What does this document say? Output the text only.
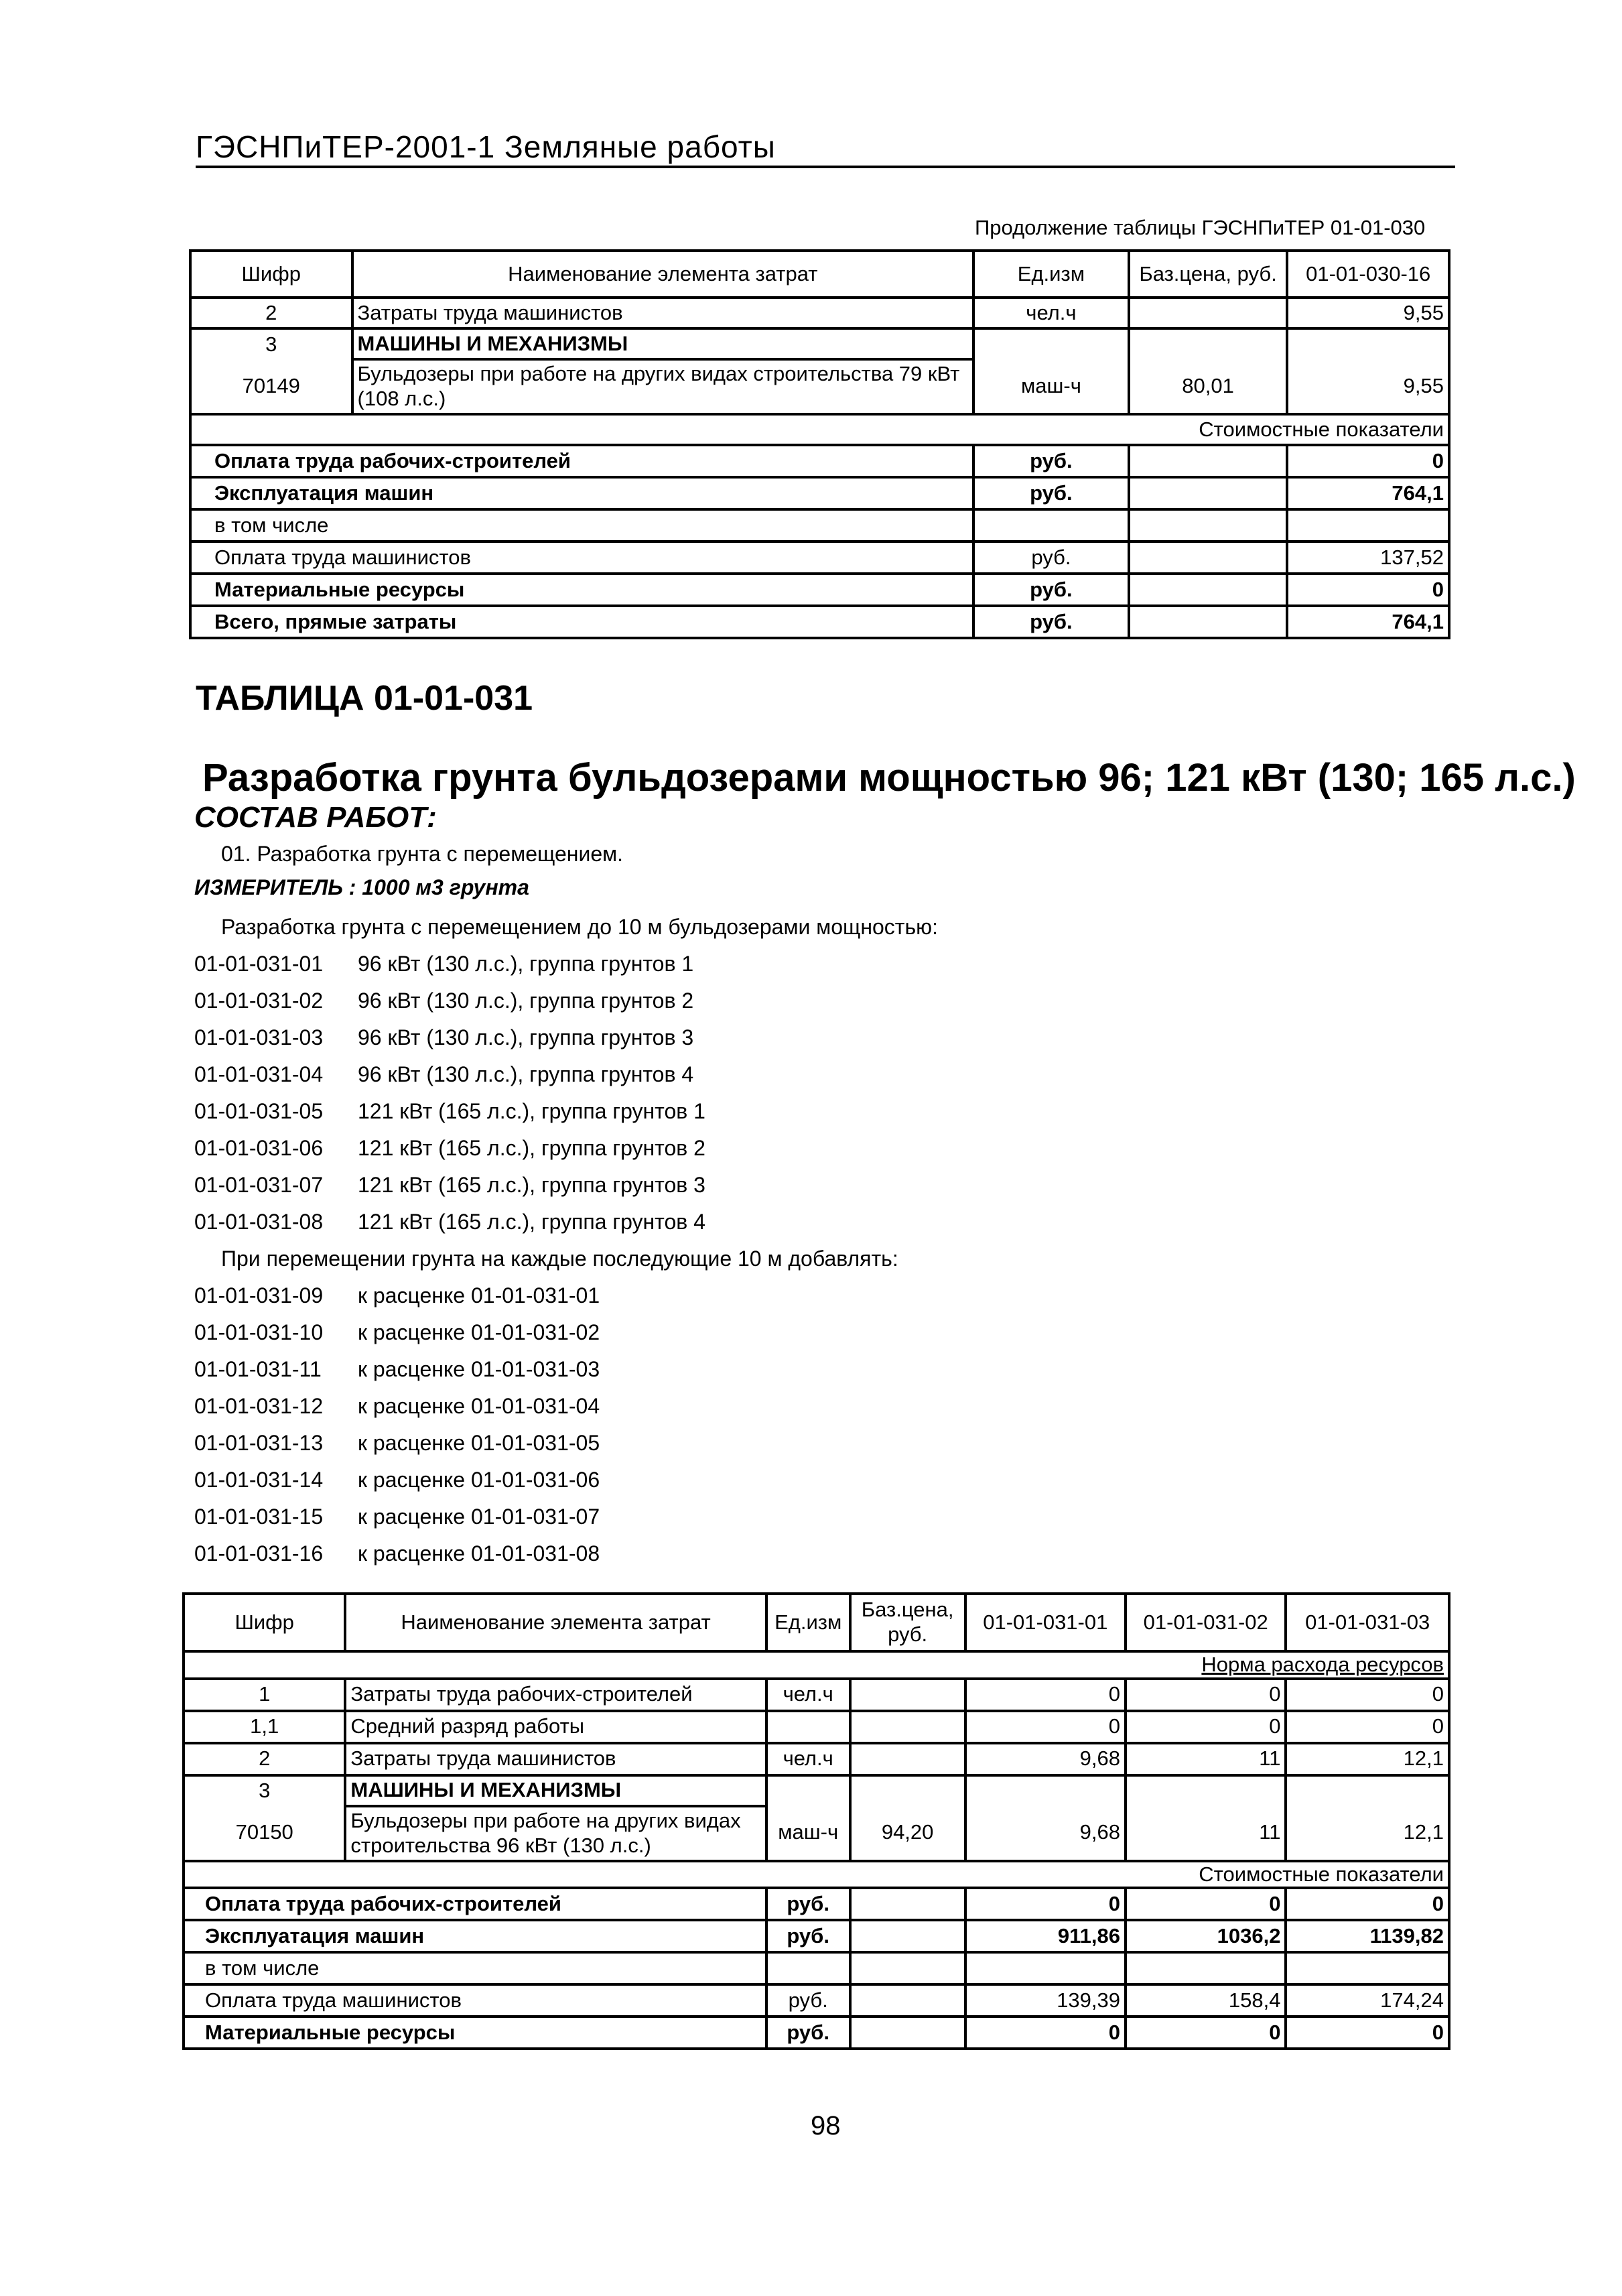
ГЭСНПиТЕР-2001-1 Земляные работы
Продолжение таблицы ГЭСНПиТЕР 01-01-030
Шифр	Наименование элемента затрат	Ед.изм	Баз.цена, руб.	01-01-030-16
2	Затраты труда машинистов	чел.ч		9,55
3	МАШИНЫ И МЕХАНИЗМЫ			
70149	Бульдозеры при работе на других видах строительства 79 кВт (108 л.с.)	маш-ч	80,01	9,55
Стоимостные показатели				
Оплата труда рабочих-строителей		руб.		0
Эксплуатация машин		руб.		764,1
в том числе				
Оплата труда машинистов		руб.		137,52
Материальные ресурсы		руб.		0
Всего, прямые затраты		руб.		764,1
ТАБЛИЦА 01-01-031
Разработка грунта бульдозерами мощностью 96; 121 кВт (130; 165 л.с.)
СОСТАВ РАБОТ:
01. Разработка грунта с перемещением.
ИЗМЕРИТЕЛЬ : 1000 м3 грунта
Разработка грунта с перемещением до 10 м бульдозерами мощностью:
01-01-031-01 96 кВт (130 л.с.), группа грунтов 1
01-01-031-02 96 кВт (130 л.с.), группа грунтов 2
01-01-031-03 96 кВт (130 л.с.), группа грунтов 3
01-01-031-04 96 кВт (130 л.с.), группа грунтов 4
01-01-031-05 121 кВт (165 л.с.), группа грунтов 1
01-01-031-06 121 кВт (165 л.с.), группа грунтов 2
01-01-031-07 121 кВт (165 л.с.), группа грунтов 3
01-01-031-08 121 кВт (165 л.с.), группа грунтов 4
При перемещении грунта на каждые последующие 10 м добавлять:
01-01-031-09 к расценке 01-01-031-01
01-01-031-10 к расценке 01-01-031-02
01-01-031-11 к расценке 01-01-031-03
01-01-031-12 к расценке 01-01-031-04
01-01-031-13 к расценке 01-01-031-05
01-01-031-14 к расценке 01-01-031-06
01-01-031-15 к расценке 01-01-031-07
01-01-031-16 к расценке 01-01-031-08
Шифр	Наименование элемента затрат	Ед.изм	Баз.цена, руб.	01-01-031-01	01-01-031-02	01-01-031-03
Норма расхода ресурсов						
1	Затраты труда рабочих-строителей	чел.ч		0	0	0
1,1	Средний разряд работы			0	0	0
2	Затраты труда машинистов	чел.ч		9,68	11	12,1
3	МАШИНЫ И МЕХАНИЗМЫ					
70150	Бульдозеры при работе на других видах строительства 96 кВт (130 л.с.)	маш-ч	94,20	9,68	11	12,1
Стоимостные показатели						
Оплата труда рабочих-строителей		руб.		0	0	0
Эксплуатация машин		руб.		911,86	1036,2	1139,82
в том числе						
Оплата труда машинистов		руб.		139,39	158,4	174,24
Материальные ресурсы		руб.		0	0	0
98
